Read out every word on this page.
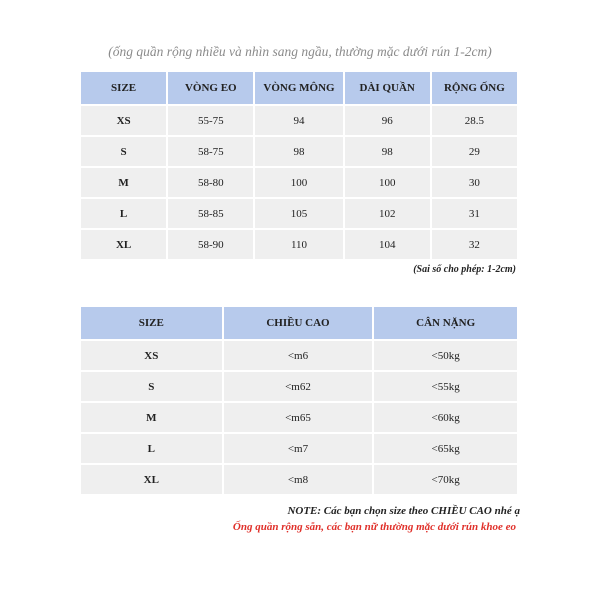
(ống quần rộng nhiều và nhìn sang ngầu, thường mặc dưới rún 1-2cm)
SIZE	VÒNG EO	VÒNG MÔNG	DÀI QUẦN	RỘNG ỐNG
XS	55-75	94	96	28.5
S	58-75	98	98	29
M	58-80	100	100	30
L	58-85	105	102	31
XL	58-90	110	104	32
(Sai số cho phép: 1-2cm)
SIZE	CHIỀU CAO	CÂN NẶNG
XS	<m6	<50kg
S	<m62	<55kg
M	<m65	<60kg
L	<m7	<65kg
XL	<m8	<70kg
NOTE: Các bạn chọn size theo CHIỀU CAO nhé ạ
Ống quần rộng sẵn, các bạn nữ thường mặc dưới rún khoe eo
